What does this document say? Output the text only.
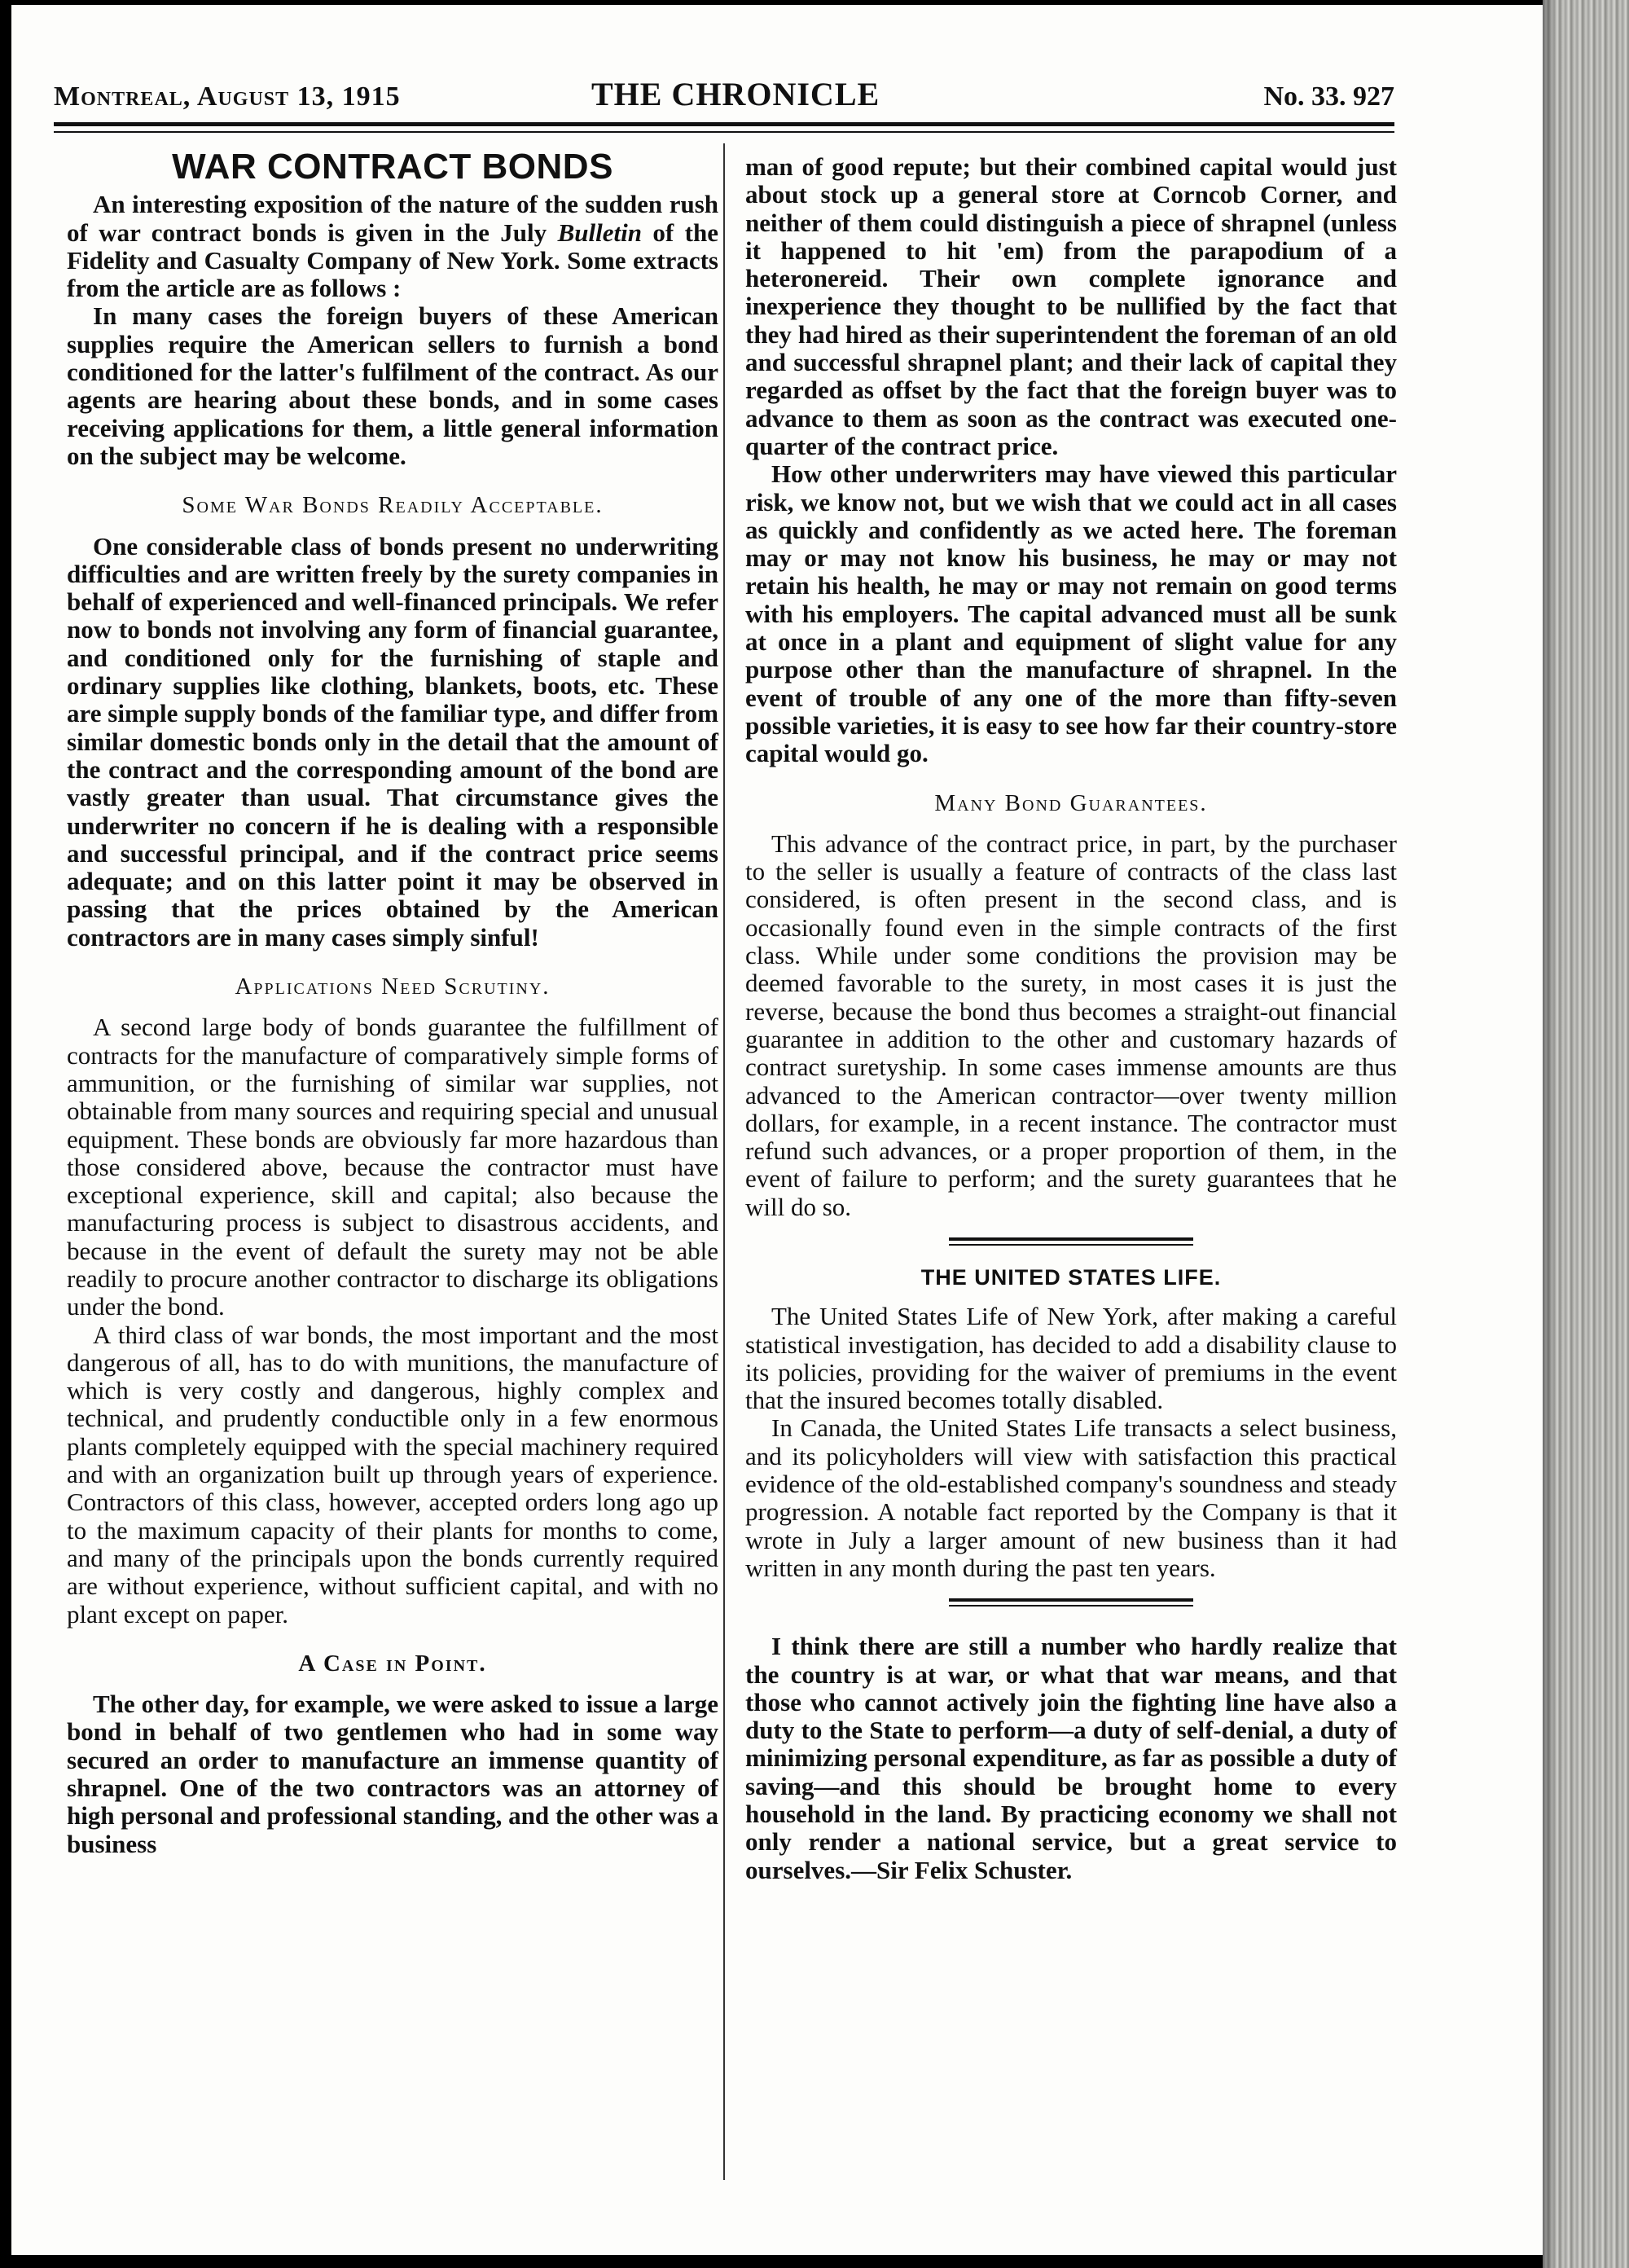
Montreal, August 13, 1915	THE CHRONICLE	No. 33. 927
WAR CONTRACT BONDS

An interesting exposition of the nature of the sudden rush of war contract bonds is given in the July Bulletin of the Fidelity and Casualty Company of New York. Some extracts from the article are as follows :

In many cases the foreign buyers of these American supplies require the American sellers to furnish a bond conditioned for the latter's fulfilment of the contract. As our agents are hearing about these bonds, and in some cases receiving applications for them, a little general information on the subject may be welcome.

Some War Bonds Readily Acceptable.

One considerable class of bonds present no underwriting difficulties and are written freely by the surety companies in behalf of experienced and well-financed principals. We refer now to bonds not involving any form of financial guarantee, and conditioned only for the furnishing of staple and ordinary supplies like clothing, blankets, boots, etc. These are simple supply bonds of the familiar type, and differ from similar domestic bonds only in the detail that the amount of the contract and the corresponding amount of the bond are vastly greater than usual. That circumstance gives the underwriter no concern if he is dealing with a responsible and successful principal, and if the contract price seems adequate; and on this latter point it may be observed in passing that the prices obtained by the American contractors are in many cases simply sinful!

Applications Need Scrutiny.

A second large body of bonds guarantee the fulfillment of contracts for the manufacture of comparatively simple forms of ammunition, or the furnishing of similar war supplies, not obtainable from many sources and requiring special and unusual equipment. These bonds are obviously far more hazardous than those considered above, because the contractor must have exceptional experience, skill and capital; also because the manufacturing process is subject to disastrous accidents, and because in the event of default the surety may not be able readily to procure another contractor to discharge its obligations under the bond.

A third class of war bonds, the most important and the most dangerous of all, has to do with munitions, the manufacture of which is very costly and dangerous, highly complex and technical, and prudently conductible only in a few enormous plants completely equipped with the special machinery required and with an organization built up through years of experience. Contractors of this class, however, accepted orders long ago up to the maximum capacity of their plants for months to come, and many of the principals upon the bonds currently required are without experience, without sufficient capital, and with no plant except on paper.

A Case in Point.

The other day, for example, we were asked to issue a large bond in behalf of two gentlemen who had in some way secured an order to manufacture an immense quantity of shrapnel. One of the two contractors was an attorney of high personal and professional standing, and the other was a business

man of good repute; but their combined capital would just about stock up a general store at Corncob Corner, and neither of them could distinguish a piece of shrapnel (unless it happened to hit 'em) from the parapodium of a heteronereid. Their own complete ignorance and inexperience they thought to be nullified by the fact that they had hired as their superintendent the foreman of an old and successful shrapnel plant; and their lack of capital they regarded as offset by the fact that the foreign buyer was to advance to them as soon as the contract was executed one-quarter of the contract price.

How other underwriters may have viewed this particular risk, we know not, but we wish that we could act in all cases as quickly and confidently as we acted here. The foreman may or may not know his business, he may or may not retain his health, he may or may not remain on good terms with his employers. The capital advanced must all be sunk at once in a plant and equipment of slight value for any purpose other than the manufacture of shrapnel. In the event of trouble of any one of the more than fifty-seven possible varieties, it is easy to see how far their country-store capital would go.

Many Bond Guarantees.

This advance of the contract price, in part, by the purchaser to the seller is usually a feature of contracts of the class last considered, is often present in the second class, and is occasionally found even in the simple contracts of the first class. While under some conditions the provision may be deemed favorable to the surety, in most cases it is just the reverse, because the bond thus becomes a straight-out financial guarantee in addition to the other and customary hazards of contract suretyship. In some cases immense amounts are thus advanced to the American contractor—over twenty million dollars, for example, in a recent instance. The contractor must refund such advances, or a proper proportion of them, in the event of failure to perform; and the surety guarantees that he will do so.

THE UNITED STATES LIFE.

The United States Life of New York, after making a careful statistical investigation, has decided to add a disability clause to its policies, providing for the waiver of premiums in the event that the insured becomes totally disabled.

In Canada, the United States Life transacts a select business, and its policyholders will view with satisfaction this practical evidence of the old-established company's soundness and steady progression. A notable fact reported by the Company is that it wrote in July a larger amount of new business than it had written in any month during the past ten years.

I think there are still a number who hardly realize that the country is at war, or what that war means, and that those who cannot actively join the fighting line have also a duty to the State to perform—a duty of self-denial, a duty of minimizing personal expenditure, as far as possible a duty of saving—and this should be brought home to every household in the land. By practicing economy we shall not only render a national service, but a great service to ourselves.—Sir Felix Schuster.
